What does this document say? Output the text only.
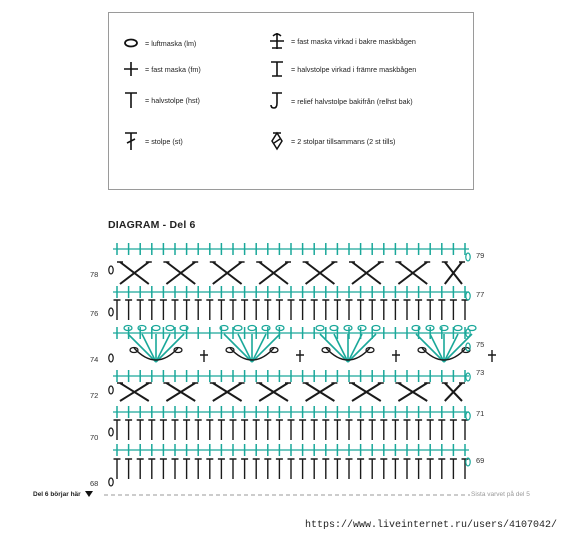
= luftmaska (lm)
= fast maska (fm)
= halvstolpe (hst)
= stolpe (st)
= fast maska virkad i bakre maskbågen
= halvstolpe virkad i främre maskbågen
= relief halvstolpe bakifrån (relhst bak)
= 2 stolpar tillsammans (2 st tills)
DIAGRAM - Del 6
78
76
74
72
70
68
79
77
75
73
71
69
Del 6 börjar här	Sista varvet på del 5
https://www.liveinternet.ru/users/4107042/
